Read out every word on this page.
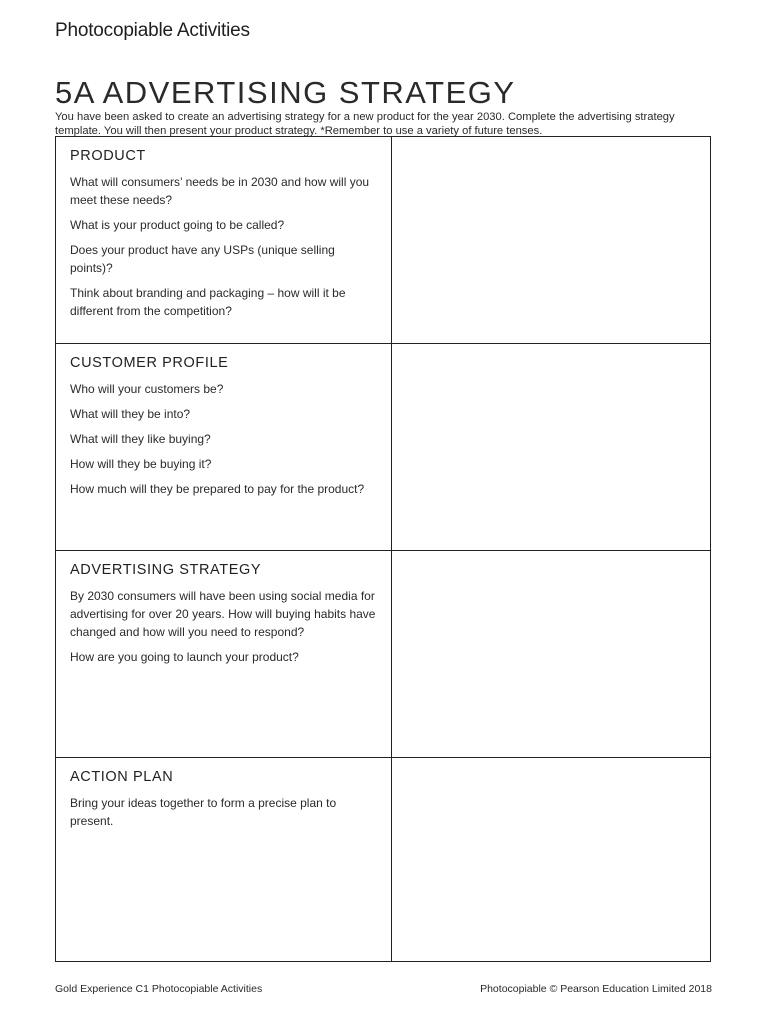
Photocopiable Activities
5A ADVERTISING STRATEGY

You have been asked to create an advertising strategy for a new product for the year 2030. Complete the advertising strategy template. You will then present your product strategy. *Remember to use a variety of future tenses.

PRODUCT

What will consumers’ needs be in 2030 and how will you meet these needs?

What is your product going to be called?

Does your product have any USPs (unique selling points)?

Think about branding and packaging – how will it be different from the competition?

CUSTOMER PROFILE

Who will your customers be?

What will they be into?

What will they like buying?

How will they be buying it?

How much will they be prepared to pay for the product?

ADVERTISING STRATEGY

By 2030 consumers will have been using social media for advertising for over 20 years. How will buying habits have changed and how will you need to respond?

How are you going to launch your product?

ACTION PLAN

Bring your ideas together to form a precise plan to present.

Gold Experience C1 Photocopiable Activities	Photocopiable © Pearson Education Limited 2018
